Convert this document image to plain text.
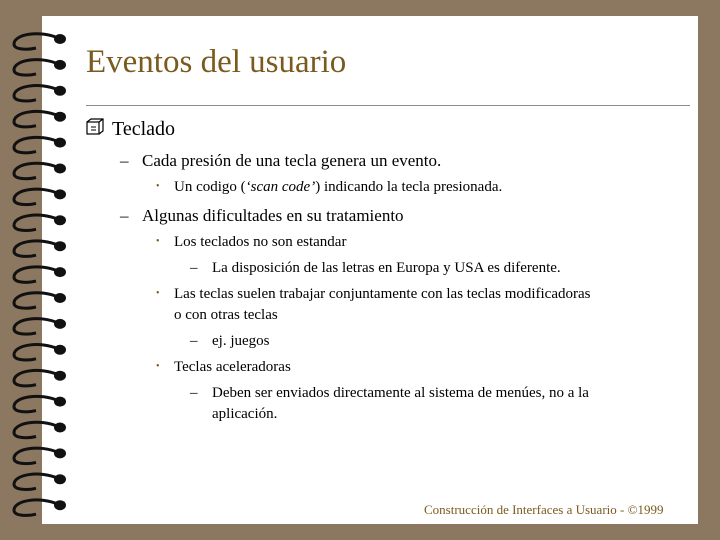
Eventos del usuario
Teclado
– Cada presión de una tecla genera un evento.
• Un codigo (‘scan code’) indicando la tecla presionada.
– Algunas dificultades en su tratamiento
• Los teclados no son estandar
– La disposición de las letras en Europa y USA es diferente.
• Las teclas suelen trabajar conjuntamente con las teclas modificadoras
o con otras teclas
– ej. juegos
• Teclas aceleradoras
– Deben ser enviados directamente al sistema de menúes, no a la
aplicación.
Construcción de Interfaces a Usuario - ©1999
